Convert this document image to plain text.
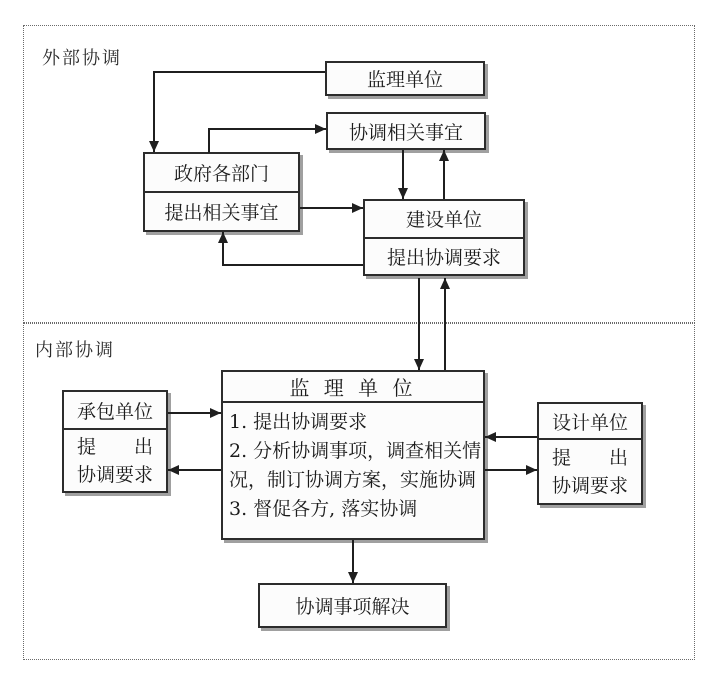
外部协调
内部协调
监理单位
协调相关事宜
政府各部门
提出相关事宜	建设单位
提出协调要求
承包单位
提　　出
协调要求
监 理 单 位
1. 提出协调要求
2. 分析协调事项，调查相关情
况，制订协调方案，实施协调
3. 督促各方, 落实协调
设计单位
提　　出
协调要求
协调事项解决
